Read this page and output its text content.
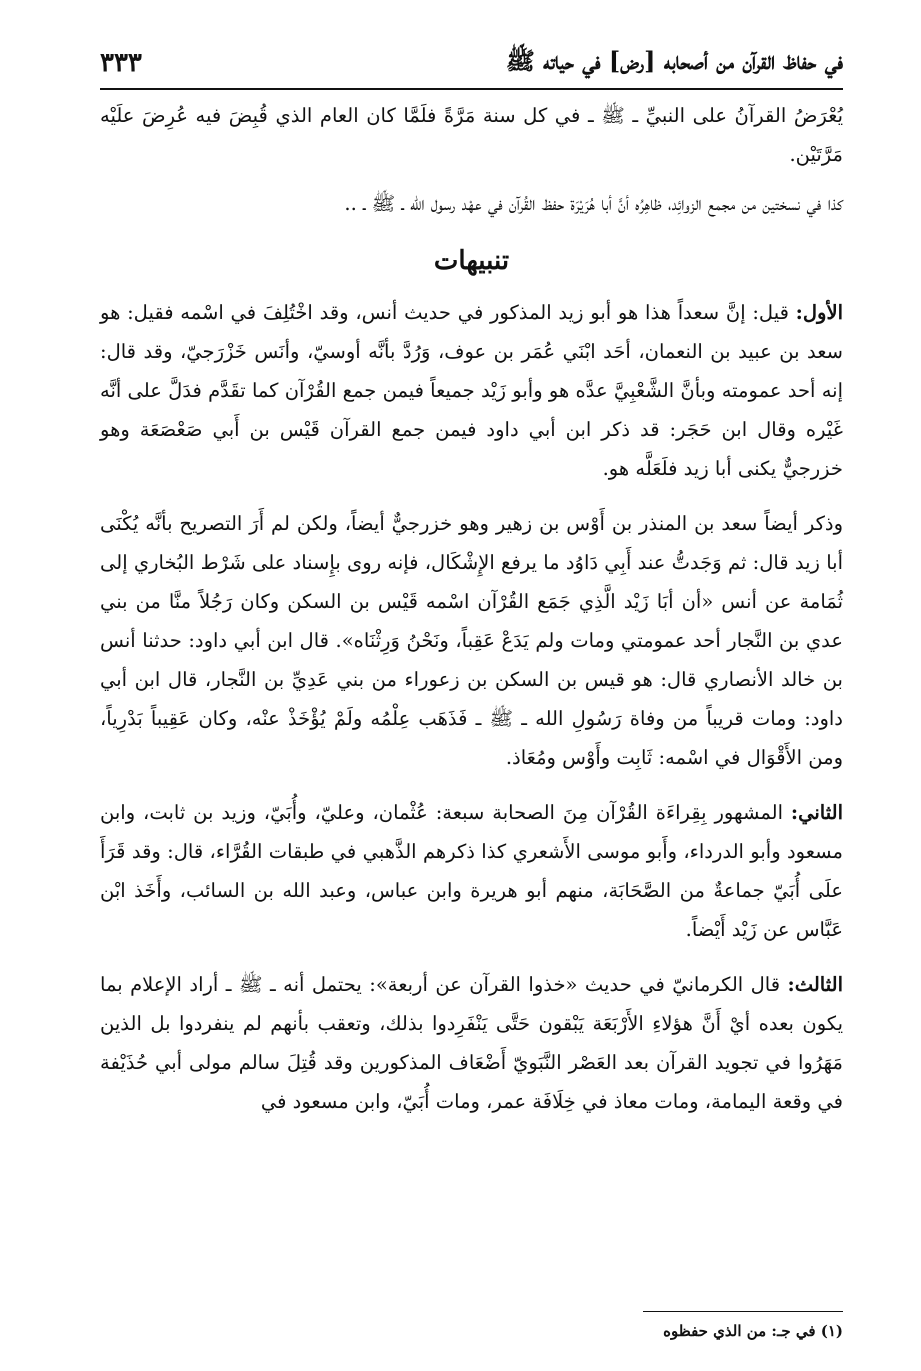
في حفاظ القرآن من أصحابه [رض] في حياته ﷺ
٣٣٣

يُعْرَضُ القرآنُ على النبيِّ ـ ﷺ ـ في كل سنة مَرَّةً فلَمَّا كان العام الذي قُبِضَ فيه عُرِضَ علَيْه مَرَّتَيْن.

كذا في نسختين من مجمع الزوائِد، ظاهِرُه أنَّ أبا هُرَيْرَة حفظ القُرآن في عهْد رسول الله ـ ﷺ ـ ..

تنبيهات

الأول: قيل: إنَّ سعداً هذا هو أبو زيد المذكور في حديث أنس، وقد اخْتُلِفَ في اسْمه فقيل: هو سعد بن عبيد بن النعمان، أحَد ابْنَي عُمَر بن عوف، وَرُدَّ بأنَّه أوسيّ، وأنَس خَزْرَجيّ، وقد قال: إنه أحد عمومته وبأنَّ الشَّعْبِيَّ عدَّه هو وأبو زَيْد جميعاً فيمن جمع القُرْآن كما تقَدَّم فدَلَّ على أنَّه غَيْره وقال ابن حَجَر: قد ذكر ابن أبي داود فيمن جمع القرآن قَيْس بن أَبي صَعْصَعَة وهو خزرجيٌّ يكنى أبا زيد فلَعَلَّه هو.

وذكر أيضاً سعد بن المنذر بن أَوْس بن زهير وهو خزرجيٌّ أيضاً، ولكن لم أَرَ التصريح بأنَّه يُكْنَى أبا زيد قال: ثم وَجَدتُّ عند أَبِي دَاوُد ما يرفع الإِشْكَال، فإنه روى بإِسناد على شَرْط البُخاري إلى ثُمَامة عن أنس «أن أبَا زَيْد الَّذِي جَمَع القُرْآن اسْمه قَيْس بن السكن وكان رَجُلاً منَّا من بني عدي بن النَّجار أحد عمومتي ومات ولم يَدَعْ عَقِباً، ونَحْنُ وَرِثْنَاه». قال ابن أبي داود: حدثنا أنس بن خالد الأنصاري قال: هو قيس بن السكن بن زعوراء من بني عَدِيِّ بن النَّجار، قال ابن أبي داود: ومات قريباً من وفاة رَسُولِ الله ـ ﷺ ـ فَذَهَب عِلْمُه ولَمْ يُؤْخَذْ عنْه، وكان عَقِيباً بَدْرِياً، ومن الأَقْوَال في اسْمه: ثَابِت وأَوْس ومُعَاذ.

الثاني: المشهور بِقِراءَة القُرْآن مِنَ الصحابة سبعة: عُثْمان، وعليّ، وأُبَيّ، وزيد بن ثابت، وابن مسعود وأبو الدرداء، وأَبو موسى الأَشعري كذا ذكرهم الذَّهبي في طبقات القُرَّاء، قال: وقد قَرَأَ علَى أُبَيّ جماعةٌ من الصَّحَابَة، منهم أبو هريرة وابن عباس، وعبد الله بن السائب، وأَخَذ ابْن عَبَّاس عن زَيْد أَيْضاً.

الثالث: قال الكرمانيّ في حديث «خذوا القرآن عن أربعة»: يحتمل أنه ـ ﷺ ـ أراد الإعلام بما يكون بعده أيْ أَنَّ هؤلاءِ الأَرْبَعَة يَبْقون حَتَّى يَنْفَرِدوا بذلك، وتعقب بأنهم لم ينفردوا بل الذين مَهَرُوا في تجويد القرآن بعد العَصْر النَّبَويّ أَضْعَاف المذكورين وقد قُتِلَ سالم مولى أبي حُذَيْفة في وقعة اليمامة، ومات معاذ في خِلَافَة عمر، ومات أُبَيّ، وابن مسعود في

(١) في جـ: من الذي حفظوه
